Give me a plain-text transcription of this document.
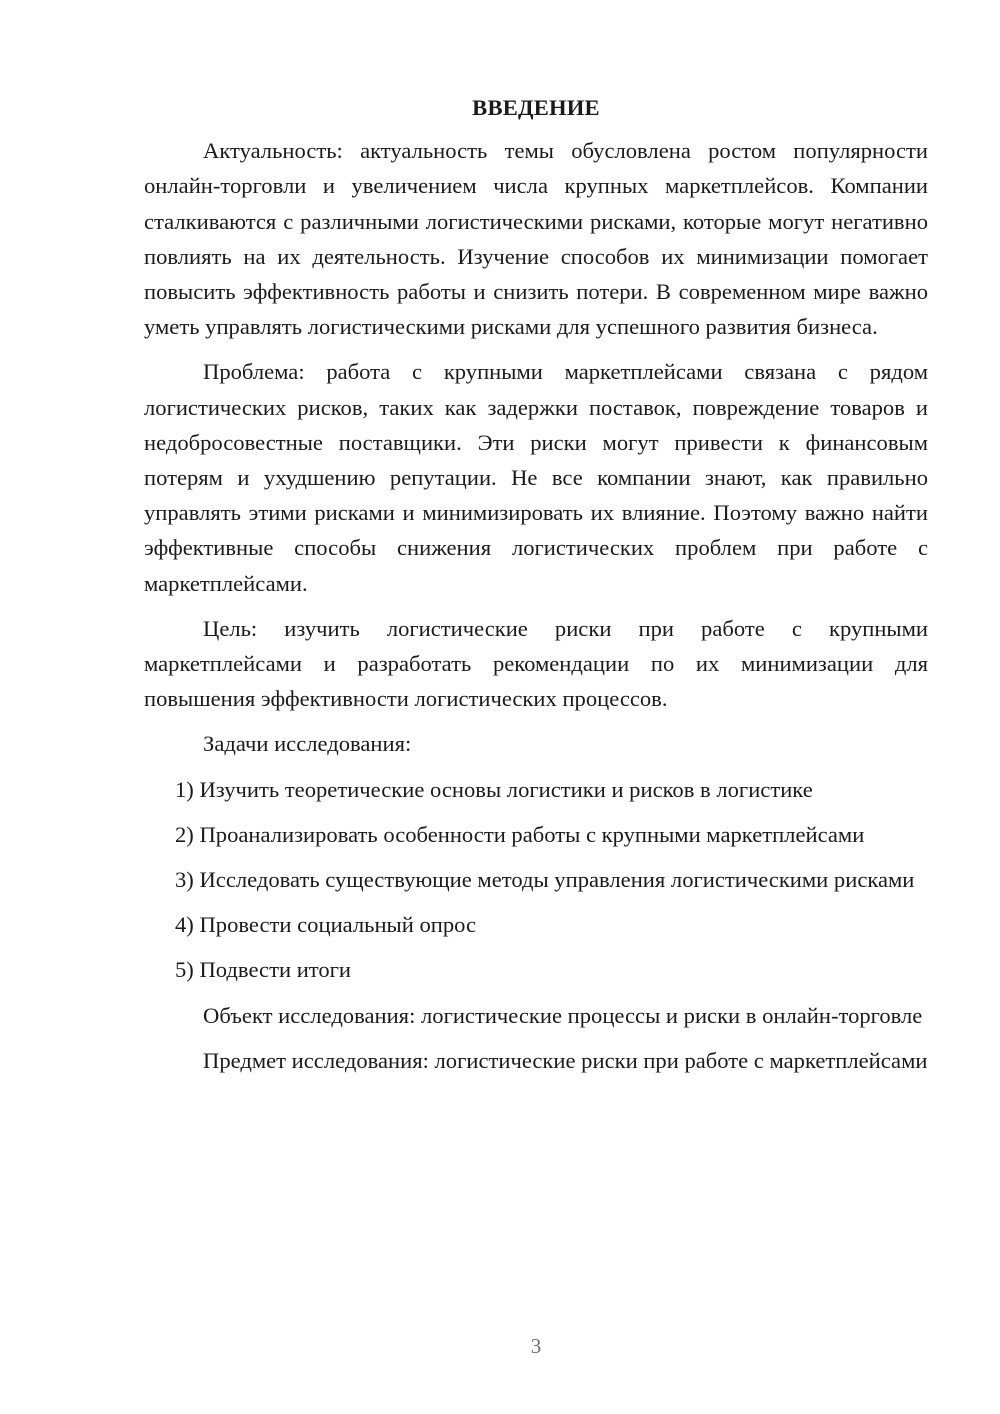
ВВЕДЕНИЕ

Актуальность: актуальность темы обусловлена ростом популярности онлайн-торговли и увеличением числа крупных маркетплейсов. Компании сталкиваются с различными логистическими рисками, которые могут негативно повлиять на их деятельность. Изучение способов их минимизации помогает повысить эффективность работы и снизить потери. В современном мире важно уметь управлять логистическими рисками для успешного развития бизнеса.

Проблема: работа с крупными маркетплейсами связана с рядом логистических рисков, таких как задержки поставок, повреждение товаров и недобросовестные поставщики. Эти риски могут привести к финансовым потерям и ухудшению репутации. Не все компании знают, как правильно управлять этими рисками и минимизировать их влияние. Поэтому важно найти эффективные способы снижения логистических проблем при работе с маркетплейсами.

Цель: изучить логистические риски при работе с крупными маркетплейсами и разработать рекомендации по их минимизации для повышения эффективности логистических процессов.

Задачи исследования:

1) Изучить теоретические основы логистики и рисков в логистике

2) Проанализировать особенности работы с крупными маркетплейсами

3) Исследовать существующие методы управления логистическими рисками

4) Провести социальный опрос

5) Подвести итоги

Объект исследования: логистические процессы и риски в онлайн-торговле

Предмет исследования: логистические риски при работе с маркетплейсами

3
